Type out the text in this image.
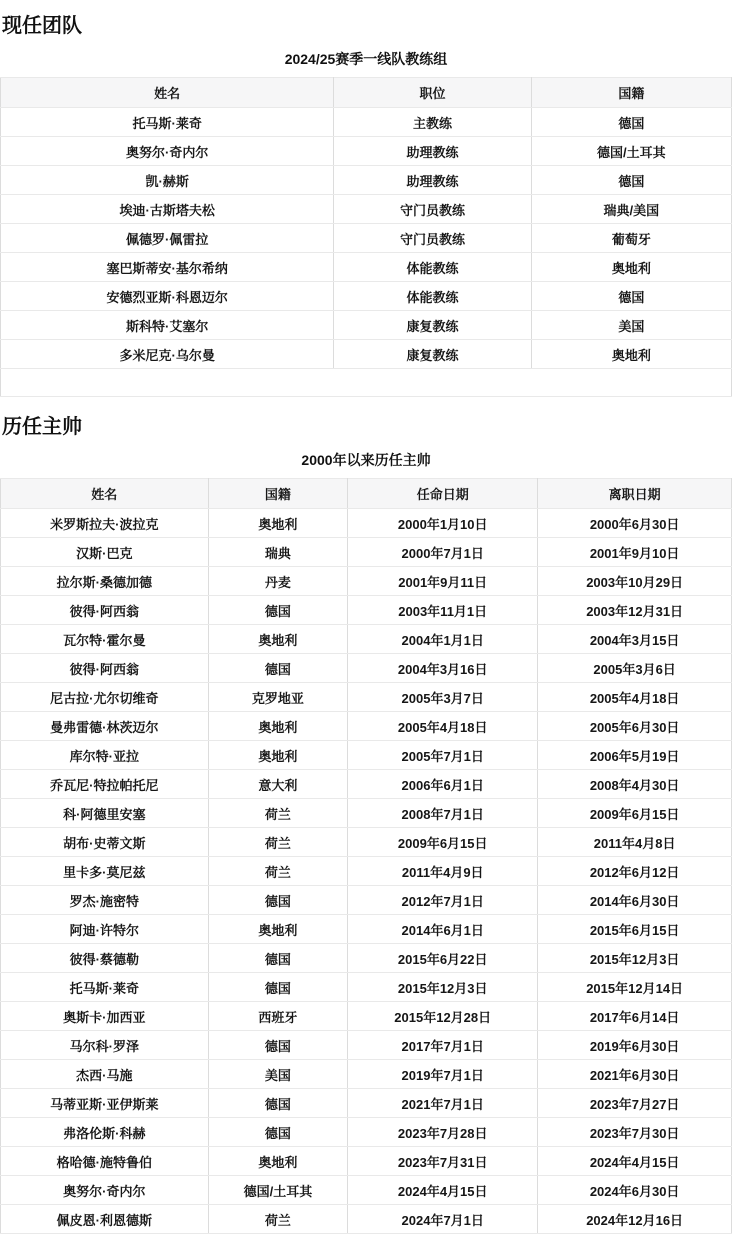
现任团队
2024/25赛季一线队教练组
姓名	职位	国籍
托马斯·莱奇	主教练	德国
奥努尔·奇内尔	助理教练	德国/土耳其
凯·赫斯	助理教练	德国
埃迪·古斯塔夫松	守门员教练	瑞典/美国
佩德罗·佩雷拉	守门员教练	葡萄牙
塞巴斯蒂安·基尔希纳	体能教练	奥地利
安德烈亚斯·科恩迈尔	体能教练	德国
斯科特·艾塞尔	康复教练	美国
多米尼克·乌尔曼	康复教练	奥地利

历任主帅
2000年以来历任主帅
姓名	国籍	任命日期	离职日期
米罗斯拉夫·波拉克	奥地利	2000年1月10日	2000年6月30日
汉斯·巴克	瑞典	2000年7月1日	2001年9月10日
拉尔斯·桑德加德	丹麦	2001年9月11日	2003年10月29日
彼得·阿西翁	德国	2003年11月1日	2003年12月31日
瓦尔特·霍尔曼	奥地利	2004年1月1日	2004年3月15日
彼得·阿西翁	德国	2004年3月16日	2005年3月6日
尼古拉·尤尔切维奇	克罗地亚	2005年3月7日	2005年4月18日
曼弗雷德·林茨迈尔	奥地利	2005年4月18日	2005年6月30日
库尔特·亚拉	奥地利	2005年7月1日	2006年5月19日
乔瓦尼·特拉帕托尼	意大利	2006年6月1日	2008年4月30日
科·阿德里安塞	荷兰	2008年7月1日	2009年6月15日
胡布·史蒂文斯	荷兰	2009年6月15日	2011年4月8日
里卡多·莫尼兹	荷兰	2011年4月9日	2012年6月12日
罗杰·施密特	德国	2012年7月1日	2014年6月30日
阿迪·许特尔	奥地利	2014年6月1日	2015年6月15日
彼得·蔡德勒	德国	2015年6月22日	2015年12月3日
托马斯·莱奇	德国	2015年12月3日	2015年12月14日
奥斯卡·加西亚	西班牙	2015年12月28日	2017年6月14日
马尔科·罗泽	德国	2017年7月1日	2019年6月30日
杰西·马施	美国	2019年7月1日	2021年6月30日
马蒂亚斯·亚伊斯莱	德国	2021年7月1日	2023年7月27日
弗洛伦斯·科赫	德国	2023年7月28日	2023年7月30日
格哈德·施特鲁伯	奥地利	2023年7月31日	2024年4月15日
奥努尔·奇内尔	德国/土耳其	2024年4月15日	2024年6月30日
佩皮恩·利恩德斯	荷兰	2024年7月1日	2024年12月16日
